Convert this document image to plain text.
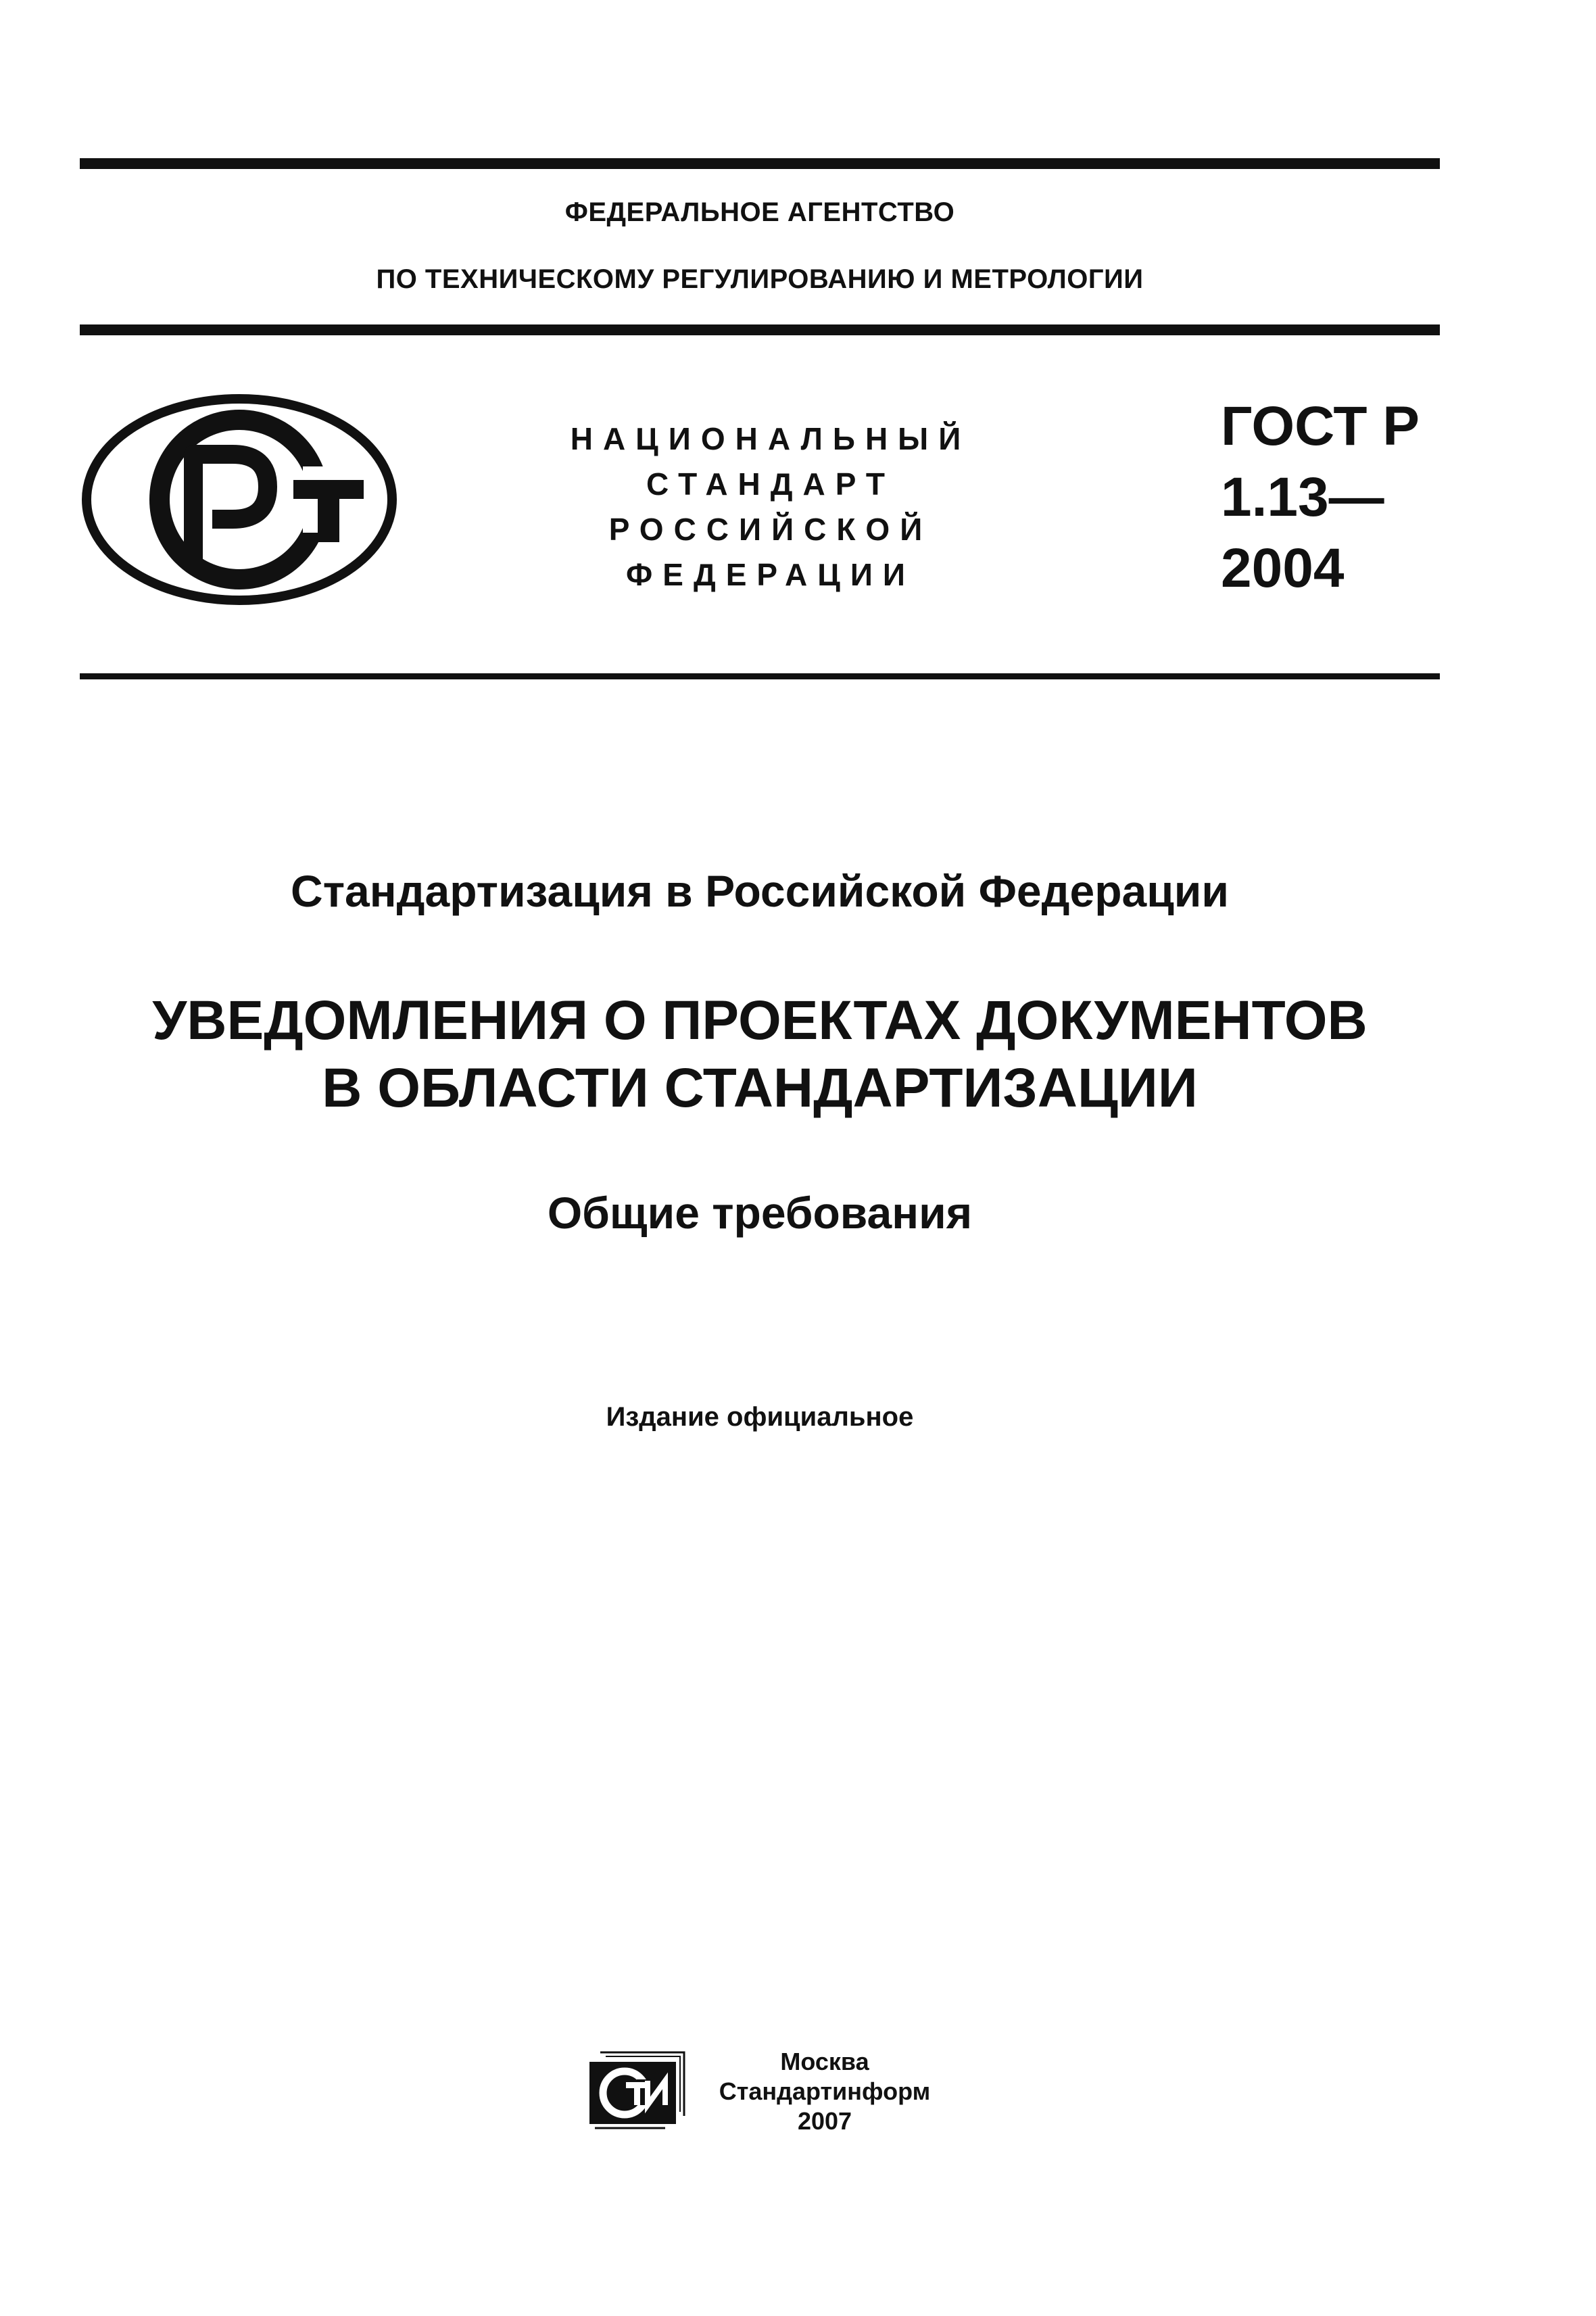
ФЕДЕРАЛЬНОЕ АГЕНТСТВО
ПО ТЕХНИЧЕСКОМУ РЕГУЛИРОВАНИЮ И МЕТРОЛОГИИ
НАЦИОНАЛЬНЫЙ
СТАНДАРТ
РОССИЙСКОЙ
ФЕДЕРАЦИИ
ГОСТ Р
1.13—
2004
Стандартизация в Российской Федерации
УВЕДОМЛЕНИЯ О ПРОЕКТАХ ДОКУМЕНТОВ
В ОБЛАСТИ СТАНДАРТИЗАЦИИ
Общие требования
Издание официальное
Москва
Стандартинформ
2007
